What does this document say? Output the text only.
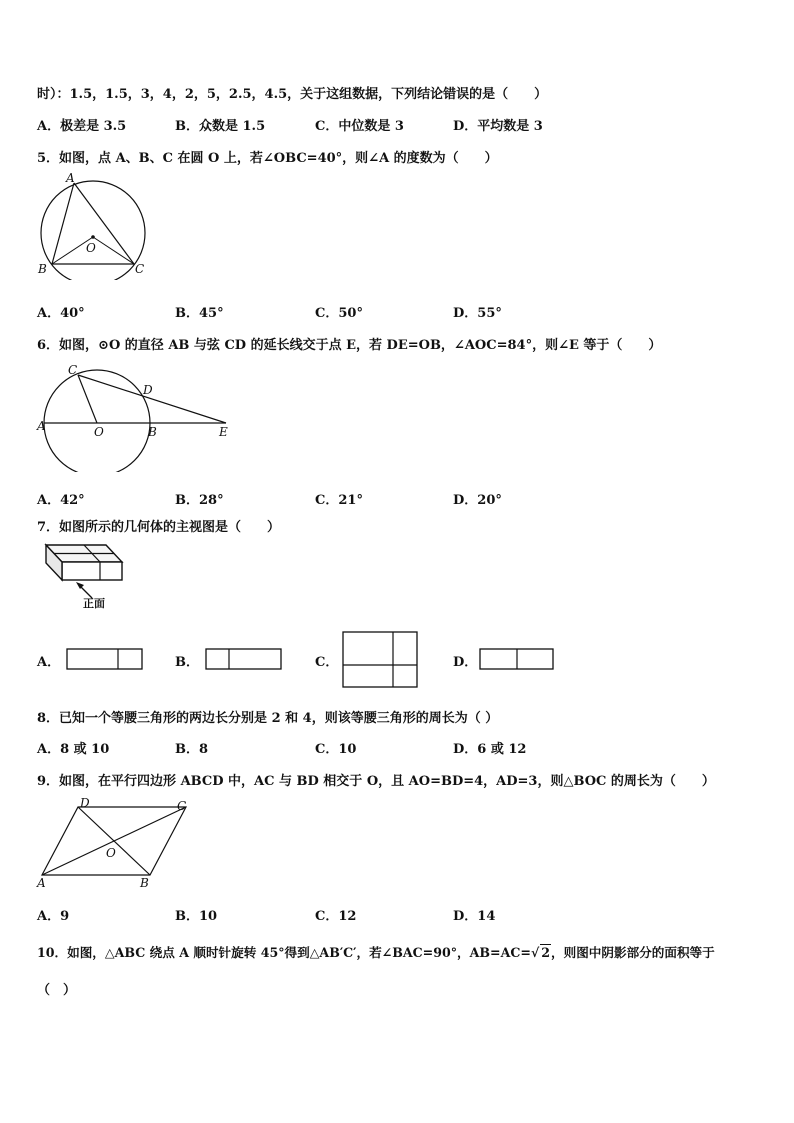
时）：1.5，1.5，3，4，2，5，2.5，4.5，关于这组数据，下列结论错误的是（　　）
A．极差是 3.5	B．众数是 1.5	C．中位数是 3	D．平均数是 3
5．如图，点 A、B、C 在圆 O 上，若∠OBC=40°，则∠A 的度数为（　　）
A
B	C
O
A．40°	B．45°	C．50°	D．55°
6．如图，⊙O 的直径 AB 与弦 CD 的延长线交于点 E，若 DE=OB，∠AOC=84°，则∠E 等于（　　）
A	O	B	E
C
D
A．42°	B．28°	C．21°	D．20°
7．如图所示的几何体的主视图是（　　）
正面
A．	B．	C．	D．
8．已知一个等腰三角形的两边长分别是 2 和 4，则该等腰三角形的周长为（ ）
A．8 或 10	B．8	C．10	D．6 或 12
9．如图，在平行四边形 ABCD 中，AC 与 BD 相交于 O，且 AO=BD=4，AD=3，则△BOC 的周长为（　　）
D	C
A	B
O
A．9	B．10	C．12	D．14
10．如图，△ABC 绕点 A 顺时针旋转 45°得到△AB′C′，若∠BAC=90°，AB=AC=√ 2，则图中阴影部分的面积等于
（　）
